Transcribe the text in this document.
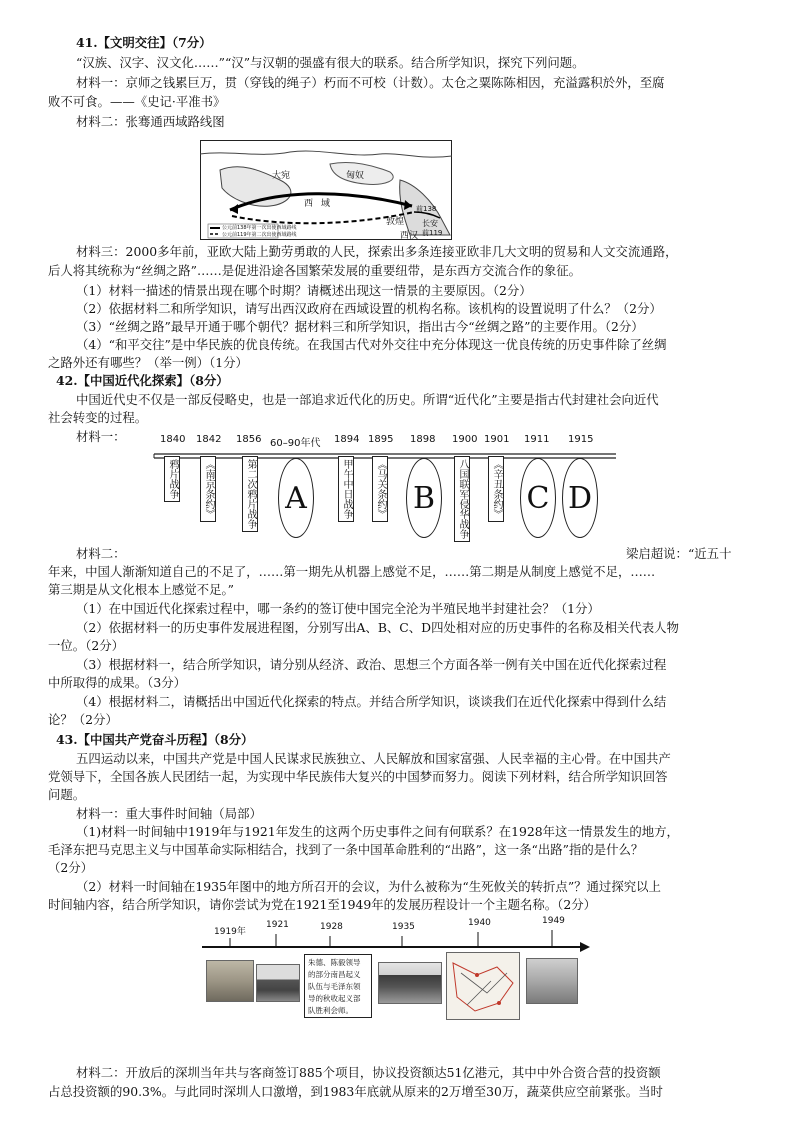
41.【文明交往】（7分）
“汉族、汉字、汉文化……”“汉”与汉朝的强盛有很大的联系。结合所学知识，探究下列问题。
材料一：京师之钱累巨万，贯（穿钱的绳子）朽而不可校（计数）。太仓之粟陈陈相因，充溢露积於外，至腐
败不可食。——《史记·平准书》
材料二：张骞通西域路线图
大宛	匈奴
西域
敦煌 长安
西汉
前138
前119
公元前138年第一次出使西域路线
公元前119年第二次出使西域路线
材料三：2000多年前，亚欧大陆上勤劳勇敢的人民，探索出多条连接亚欧非几大文明的贸易和人文交流通路，
后人将其统称为“丝绸之路”……是促进沿途各国繁荣发展的重要纽带，是东西方交流合作的象征。
（1）材料一描述的情景出现在哪个时期？请概述出现这一情景的主要原因。（2分）
（2）依据材料二和所学知识，请写出西汉政府在西域设置的机构名称。该机构的设置说明了什么？（2分）
（3）“丝绸之路”最早开通于哪个朝代？据材料三和所学知识，指出古今“丝绸之路”的主要作用。（2分）
（4）“和平交往”是中华民族的优良传统。在我国古代对外交往中充分体现这一优良传统的历史事件除了丝绸
之路外还有哪些？（举一例）（1分）
42.【中国近代化探索】（8分）
中国近代史不仅是一部反侵略史，也是一部追求近代化的历史。所谓“近代化”主要是指古代封建社会向近代
社会转变的过程。
材料一：	1840 1842 1856 60–90年代 1894 1895 1898 1900 1901 1911 1915
鸦片战争	《南京条约》	第二次鸦片战争 A	甲午中日战争	《马关条约》 B	八国联军侵华战争	《辛丑条约》 C D
材料二：	梁启超说：“近五十
年来，中国人渐渐知道自己的不足了，……第一期先从机器上感觉不足，……第二期是从制度上感觉不足，……
第三期是从文化根本上感觉不足。”
（1）在中国近代化探索过程中，哪一条约的签订使中国完全沦为半殖民地半封建社会？（1分）
（2）依据材料一的历史事件发展进程图，分别写出A、B、C、D四处相对应的历史事件的名称及相关代表人物
一位。（2分）
（3）根据材料一，结合所学知识，请分别从经济、政治、思想三个方面各举一例有关中国在近代化探索过程
中所取得的成果。（3分）
（4）根据材料二，请概括出中国近代化探索的特点。并结合所学知识，谈谈我们在近代化探索中得到什么结
论？（2分）
43.【中国共产党奋斗历程】（8分）
五四运动以来，中国共产党是中国人民谋求民族独立、人民解放和国家富强、人民幸福的主心骨。在中国共产
党领导下，全国各族人民团结一起，为实现中华民族伟大复兴的中国梦而努力。阅读下列材料，结合所学知识回答
问题。
材料一：重大事件时间轴（局部）
（1)材料一时间轴中1919年与1921年发生的这两个历史事件之间有何联系？在1928年这一情景发生的地方，
毛泽东把马克思主义与中国革命实际相结合，找到了一条中国革命胜利的“出路”，这一条“出路”指的是什么？
（2分）
（2）材料一时间轴在1935年图中的地方所召开的会议，为什么被称为“生死攸关的转折点”？通过探究以上
时间轴内容，结合所学知识，请你尝试为党在1921至1949年的发展历程设计一个主题名称。（2分）
1919年
1921	1928	1935	1940	1949
朱德、陈毅领导
的部分南昌起义
队伍与毛泽东领
导的秋收起义部
队胜利会师。
材料二：开放后的深圳当年共与客商签订885个项目，协议投资额达51亿港元，其中中外合资合营的投资额
占总投资额的90.3%。与此同时深圳人口激增，到1983年底就从原来的2万增至30万，蔬菜供应空前紧张。当时
